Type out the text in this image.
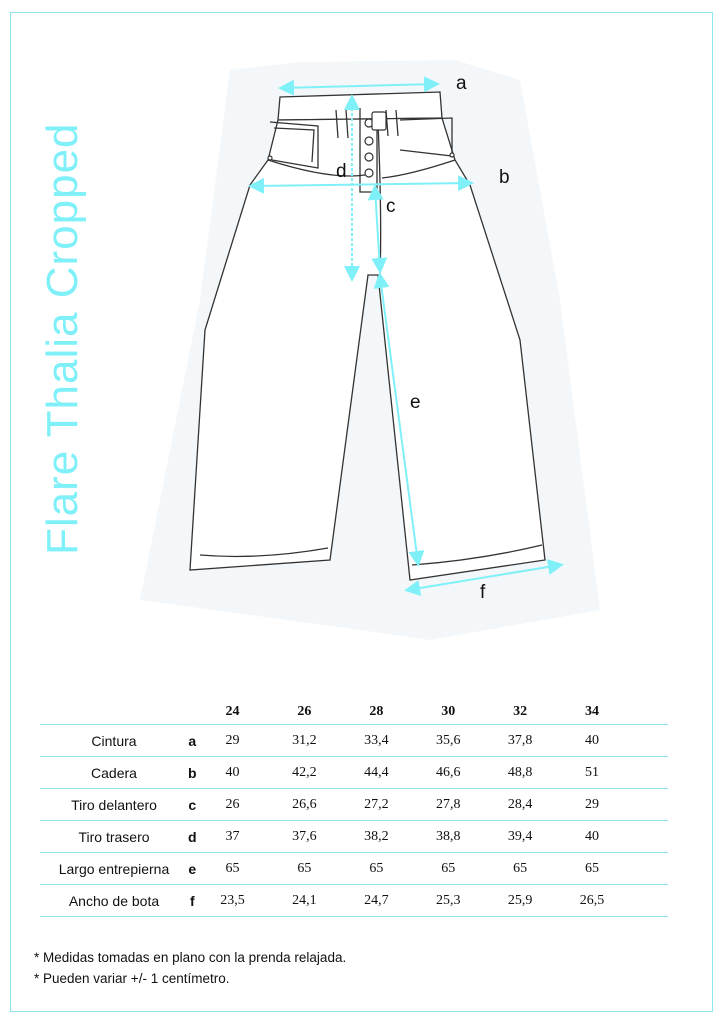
Flare Thalia Cropped
a
b
c
d
e
f
		24	26	28	30	32	34	
Cintura	a	29	31,2	33,4	35,6	37,8	40	
Cadera	b	40	42,2	44,4	46,6	48,8	51	
Tiro delantero	c	26	26,6	27,2	27,8	28,4	29	
Tiro trasero	d	37	37,6	38,2	38,8	39,4	40	
Largo entrepierna	e	65	65	65	65	65	65	
Ancho de bota	f	23,5	24,1	24,7	25,3	25,9	26,5	
* Medidas tomadas en plano con la prenda relajada.
* Pueden variar +/- 1 centímetro.
